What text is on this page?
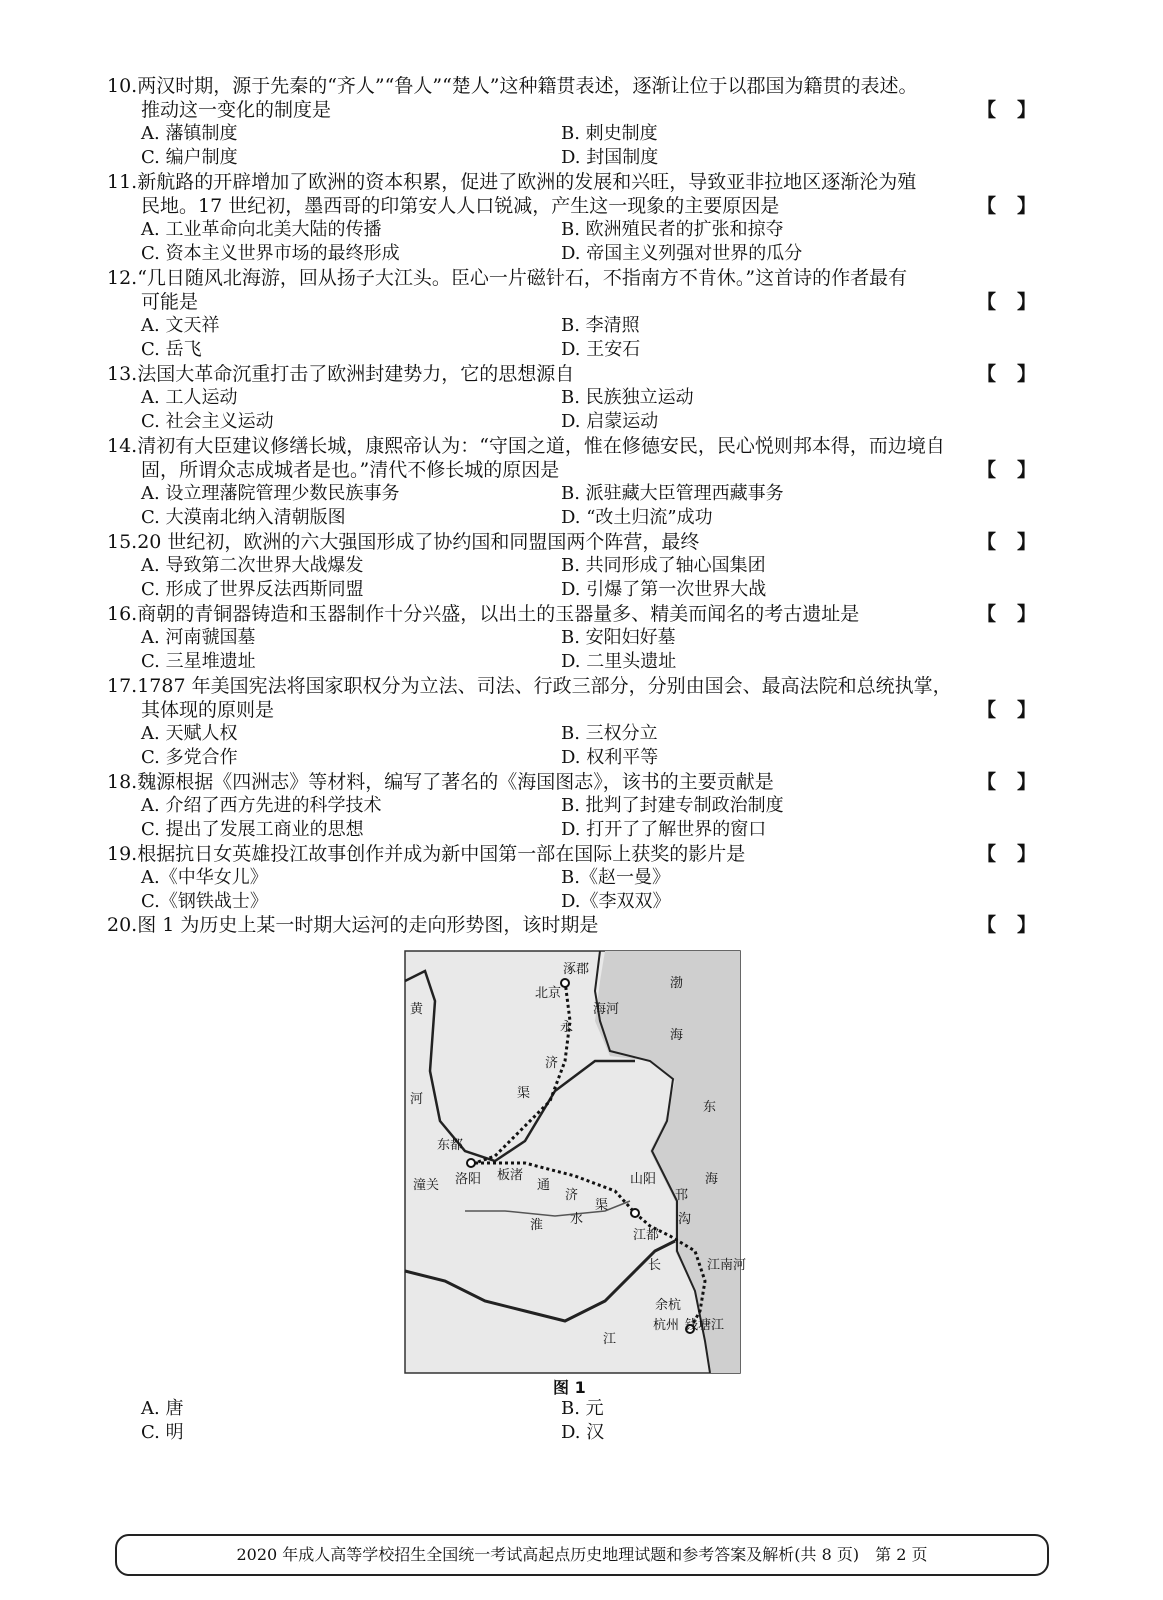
10.两汉时期，源于先秦的“齐人”“鲁人”“楚人”这种籍贯表述，逐渐让位于以郡国为籍贯的表述。
推动这一变化的制度是	【　】
A. 藩镇制度	B. 刺史制度
C. 编户制度	D. 封国制度
11.新航路的开辟增加了欧洲的资本积累，促进了欧洲的发展和兴旺，导致亚非拉地区逐渐沦为殖
民地。17 世纪初，墨西哥的印第安人人口锐减，产生这一现象的主要原因是	【　】
A. 工业革命向北美大陆的传播	B. 欧洲殖民者的扩张和掠夺
C. 资本主义世界市场的最终形成	D. 帝国主义列强对世界的瓜分
12.“几日随风北海游，回从扬子大江头。臣心一片磁针石，不指南方不肯休。”这首诗的作者最有
可能是	【　】
A. 文天祥	B. 李清照
C. 岳飞	D. 王安石
13.法国大革命沉重打击了欧洲封建势力，它的思想源自	【　】
A. 工人运动	B. 民族独立运动
C. 社会主义运动	D. 启蒙运动
14.清初有大臣建议修缮长城，康熙帝认为：“守国之道，惟在修德安民，民心悦则邦本得，而边境自
固，所谓众志成城者是也。”清代不修长城的原因是	【　】
A. 设立理藩院管理少数民族事务	B. 派驻藏大臣管理西藏事务
C. 大漠南北纳入清朝版图	D. “改土归流”成功
15.20 世纪初，欧洲的六大强国形成了协约国和同盟国两个阵营，最终	【　】
A. 导致第二次世界大战爆发	B. 共同形成了轴心国集团
C. 形成了世界反法西斯同盟	D. 引爆了第一次世界大战
16.商朝的青铜器铸造和玉器制作十分兴盛，以出土的玉器量多、精美而闻名的考古遗址是	【　】
A. 河南虢国墓	B. 安阳妇好墓
C. 三星堆遗址	D. 二里头遗址
17.1787 年美国宪法将国家职权分为立法、司法、行政三部分，分别由国会、最高法院和总统执掌，
其体现的原则是	【　】
A. 天赋人权	B. 三权分立
C. 多党合作	D. 权利平等
18.魏源根据《四洲志》等材料，编写了著名的《海国图志》，该书的主要贡献是	【　】
A. 介绍了西方先进的科学技术	B. 批判了封建专制政治制度
C. 提出了发展工商业的思想	D. 打开了了解世界的窗口
19.根据抗日女英雄投江故事创作并成为新中国第一部在国际上获奖的影片是	【　】
A.《中华女儿》	B.《赵一曼》
C.《钢铁战士》	D.《李双双》
20.图 1 为历史上某一时期大运河的走向形势图，该时期是	【　】
涿郡
北京
海河
渤
海
黄
河
永
济
渠
东
东都
潼关 洛阳 板渚
通
济
渠
山阳
邗
沟
海
水
淮
江都
长	江南河
余杭
杭州 钱塘江
江
图 1
A. 唐	B. 元
C. 明	D. 汉
2020 年成人高等学校招生全国统一考试高起点历史地理试题和参考答案及解析(共 8 页)　第 2 页
